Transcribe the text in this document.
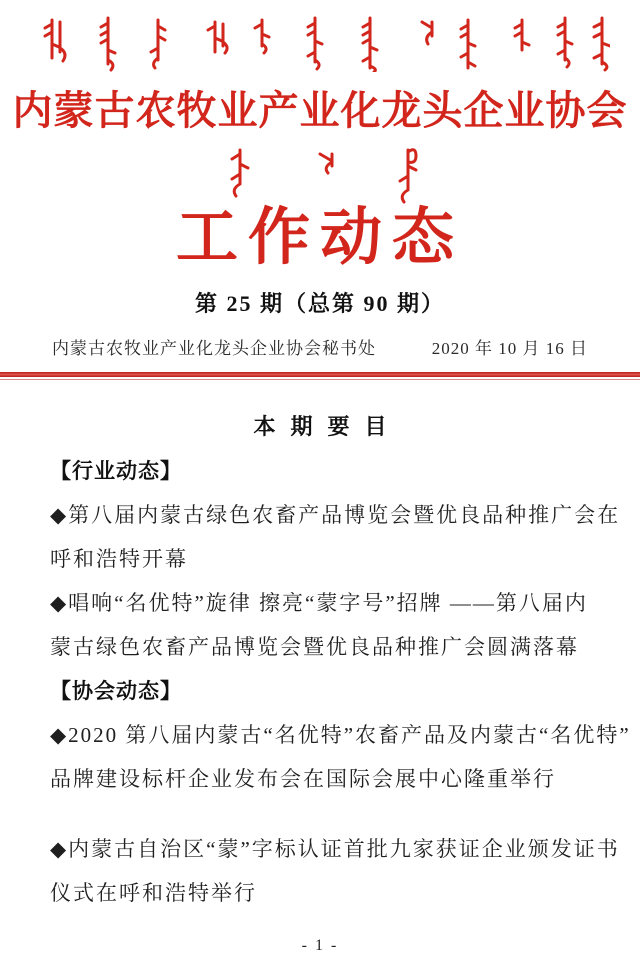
内蒙古农牧业产业化龙头企业协会
工作动态
第 25 期（总第 90 期）
内蒙古农牧业产业化龙头企业协会秘书处	2020 年 10 月 16 日
本期要目
【行业动态】
◆第八届内蒙古绿色农畜产品博览会暨优良品种推广会在
呼和浩特开幕
◆唱响“名优特”旋律 擦亮“蒙字号”招牌 ——第八届内
蒙古绿色农畜产品博览会暨优良品种推广会圆满落幕
【协会动态】
◆2020 第八届内蒙古“名优特”农畜产品及内蒙古“名优特”
品牌建设标杆企业发布会在国际会展中心隆重举行
◆内蒙古自治区“蒙”字标认证首批九家获证企业颁发证书
仪式在呼和浩特举行
- 1 -
